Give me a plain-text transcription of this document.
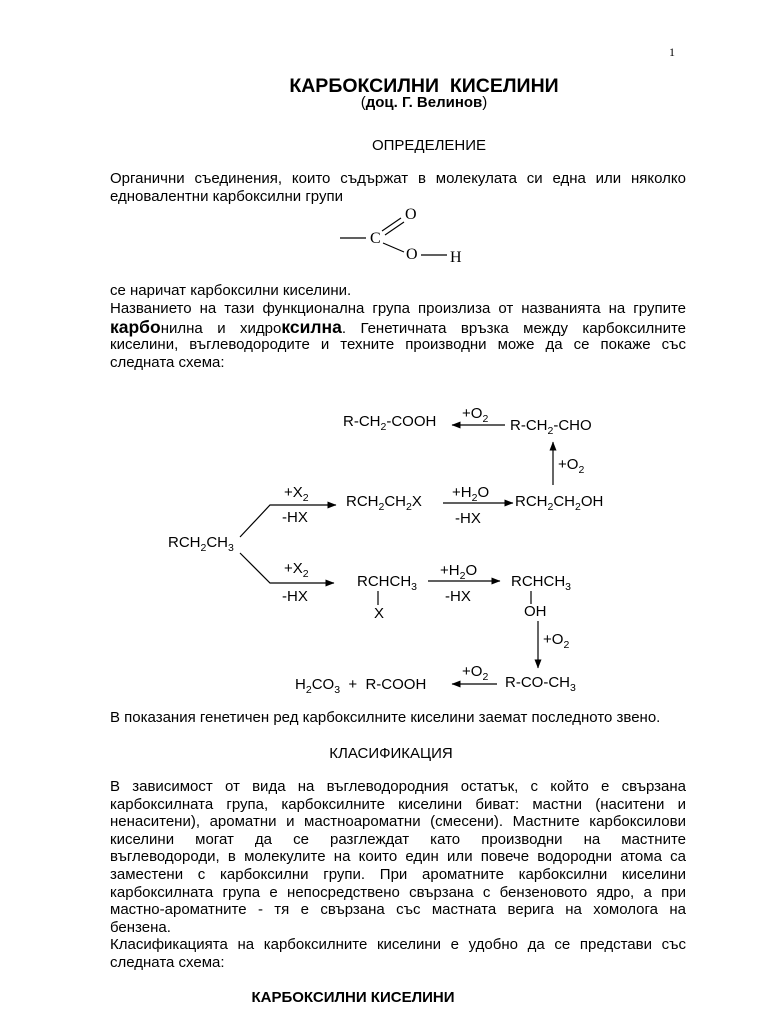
C
O
O H
1
КАРБОКСИЛНИ  КИСЕЛИНИ
(доц. Г. Велинов)
ОПРЕДЕЛЕНИЕ
Органични съединения, които съдържат в молекулата си една или няколко
едновалентни карбоксилни групи
се наричат карбоксилни киселини.
Названието на тази функционална група произлиза от названията на групите
карбонилна и хидроксилна. Генетичната връзка между карбоксилните
киселини, въглеводородите и техните производни може да се покаже със
следната схема:
$RCH_2CH_3$
$+X_2$
-HX
$RCH_2CH_2X$
$+H_2O$
-HX
$RCH_2CH_2OH$
$+O_2$
$R-CH_2$-CHO
$+O_2$
$R-CH_2$-COOH
$+X_2$
-HX
$RCHCH_3$
X
$+H_2O$
-HX
$RCHCH_3$
OH
$+O_2$
$R-CO-CH_3$
$+O_2$
$H_2CO_3$  +  R-COOH
В показания генетичен ред карбоксилните киселини заемат последното звено.
КЛАСИФИКАЦИЯ
В зависимост от вида на въглеводородния остатък, с който е свързана
карбоксилната група, карбоксилните киселини биват: мастни (наситени и
ненаситени), ароматни и мастноароматни (смесени). Мастните карбоксилови
киселини могат да се разглеждат като производни на мастните
въглеводороди, в молекулите на които един или повече водородни атома са
заместени с карбоксилни групи. При ароматните карбоксилни киселини
карбоксилната група е непосредствено свързана с бензеновото ядро, а при
мастно-ароматните - тя е свързана със мастната верига на хомолога на
бензена.
Класификацията на карбоксилните киселини е удобно да се представи със
следната схема:
КАРБОКСИЛНИ КИСЕЛИНИ
